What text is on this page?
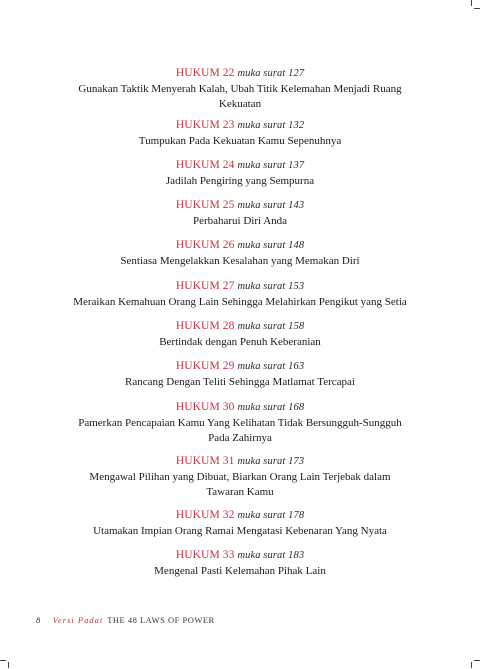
HUKUM 22 muka surat 127
Gunakan Taktik Menyerah Kalah, Ubah Titik Kelemahan Menjadi Ruang Kekuatan
HUKUM 23 muka surat 132
Tumpukan Pada Kekuatan Kamu Sepenuhnya
HUKUM 24 muka surat 137
Jadilah Pengiring yang Sempurna
HUKUM 25 muka surat 143
Perbaharui Diri Anda
HUKUM 26 muka surat 148
Sentiasa Mengelakkan Kesalahan yang Memakan Diri
HUKUM 27 muka surat 153
Meraikan Kemahuan Orang Lain Sehingga Melahirkan Pengikut yang Setia
HUKUM 28 muka surat 158
Bertindak dengan Penuh Keberanian
HUKUM 29 muka surat 163
Rancang Dengan Teliti Sehingga Matlamat Tercapai
HUKUM 30 muka surat 168
Pamerkan Pencapaian Kamu Yang Kelihatan Tidak Bersungguh-Sungguh Pada Zahirnya
HUKUM 31 muka surat 173
Mengawal Pilihan yang Dibuat, Biarkan Orang Lain Terjebak dalam Tawaran Kamu
HUKUM 32 muka surat 178
Utamakan Impian Orang Ramai Mengatasi Kebenaran Yang Nyata
HUKUM 33 muka surat 183
Mengenal Pasti Kelemahan Pihak Lain
8 Versi Padat THE 48 LAWS OF POWER
